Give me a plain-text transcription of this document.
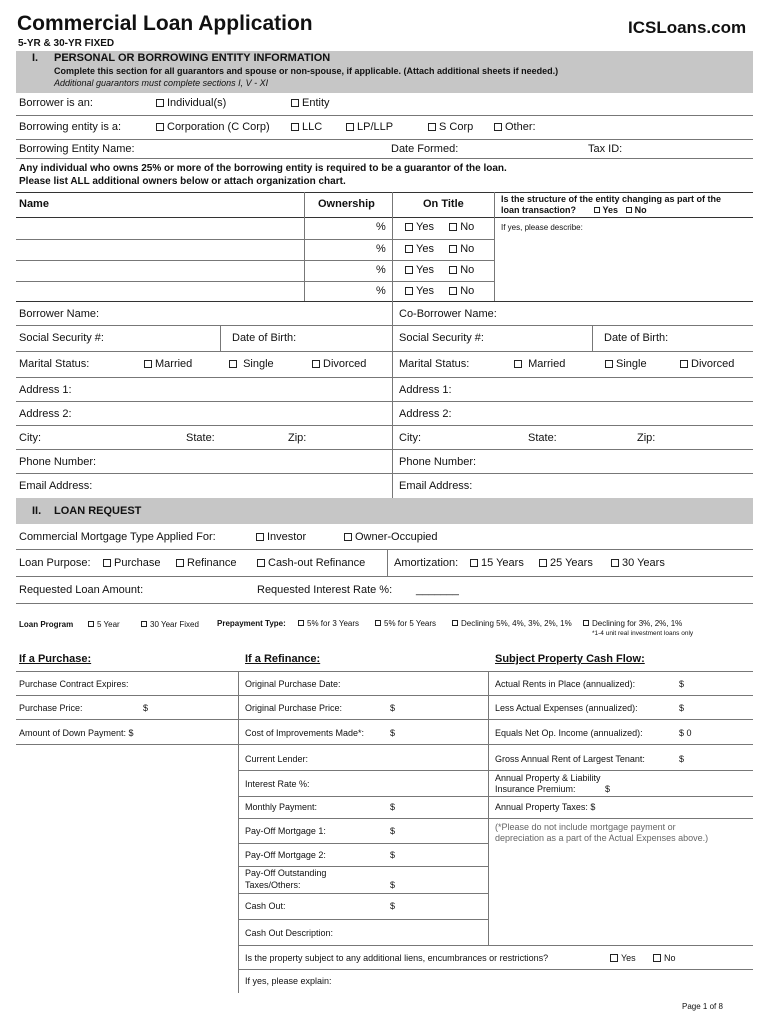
Commercial Loan Application	ICSLoans.com
5-YR & 30-YR FIXED
I. PERSONAL OR BORROWING ENTITY INFORMATION
Complete this section for all guarantors and spouse or non-spouse, if applicable. (Attach additional sheets if needed.)
Additional guarantors must complete sections I, V - XI
Borrower is an:	Individual(s)	Entity
Borrowing entity is a:	Corporation (C Corp)	LLC	LP/LLP	S Corp	Other:
Borrowing Entity Name:	Date Formed:	Tax ID:
Any individual who owns 25% or more of the borrowing entity is required to be a guarantor of the loan.
Please list ALL additional owners below or attach organization chart.
Name	Ownership	On Title	Is the structure of the entity changing as part of the
loan transaction?	Yes No
%	Yes No	If yes, please describe:
%	Yes No
%	Yes No
%	Yes No
Borrower Name:	Co-Borrower Name:
Social Security #:	Date of Birth:	Social Security #:	Date of Birth:
Marital Status:	Married	Single	Divorced	Marital Status:	Married	Single	Divorced
Address 1:	Address 1:
Address 2:	Address 2:
City:	State:	Zip:	City:	State:	Zip:
Phone Number:	Phone Number:
Email Address:	Email Address:
II. LOAN REQUEST
Commercial Mortgage Type Applied For:	Investor	Owner-Occupied
Loan Purpose:	Purchase	Refinance	Cash-out Refinance	Amortization:	15 Years	25 Years	30 Years
Requested Loan Amount:	Requested Interest Rate %: _______
Loan Program	5 Year	30 Year Fixed Prepayment Type:	5% for 3 Years	5% for 5 Years	Declining 5%, 4%, 3%, 2%, 1%	Declining for 3%, 2%, 1%
*1-4 unit real investment loans only
If a Purchase:	If a Refinance:	Subject Property Cash Flow:
Purchase Contract Expires:
Purchase Price:	$
Amount of Down Payment: $
Original Purchase Date:
Original Purchase Price:	$
Cost of Improvements Made*:	$
Current Lender:
Interest Rate %:
Monthly Payment:	$
Pay-Off Mortgage 1:	$
Pay-Off Mortgage 2:	$
Pay-Off Outstanding
Taxes/Others:	$
Cash Out:	$
Cash Out Description:
Actual Rents in Place (annualized):	$
Less Actual Expenses (annualized):	$
Equals Net Op. Income (annualized):	$ 0
Gross Annual Rent of Largest Tenant:	$
Annual Property & Liability
Insurance Premium:	$
Annual Property Taxes: $
(*Please do not include mortgage payment or
depreciation as a part of the Actual Expenses above.)
Is the property subject to any additional liens, encumbrances or restrictions?	Yes	No
If yes, please explain:
Page 1 of 8
